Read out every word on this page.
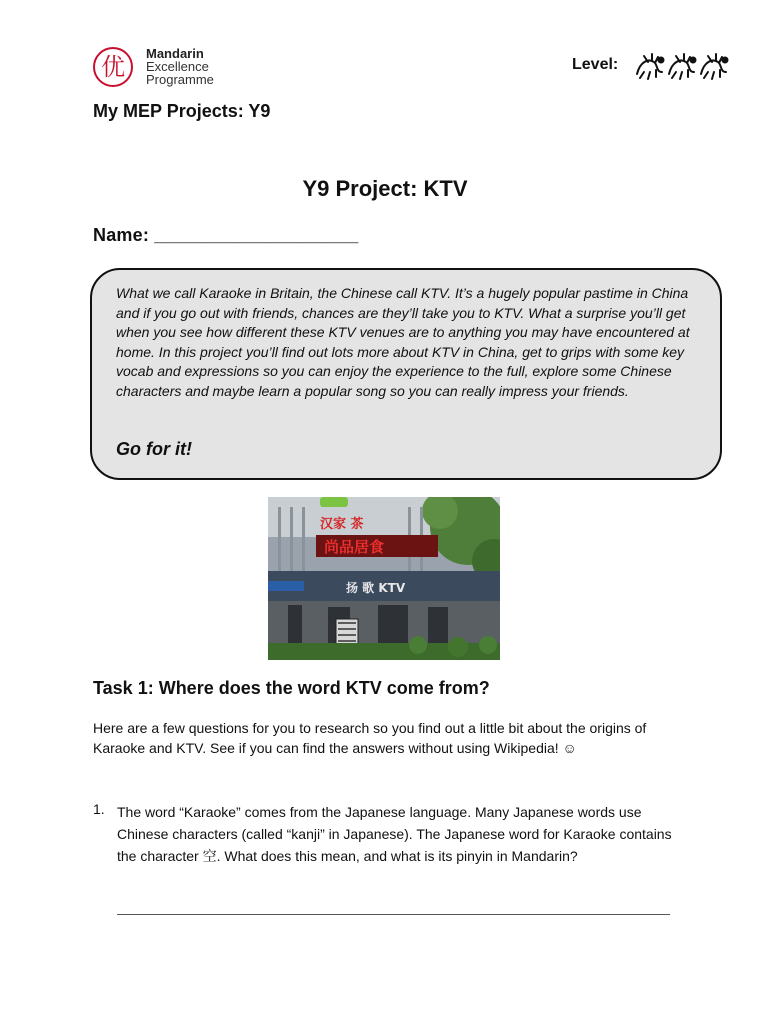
优	Mandarin
Excellence
Programme
Level:
My MEP Projects: Y9
Y9 Project: KTV
Name: ____________________
What we call Karaoke in Britain, the Chinese call KTV. It’s a hugely popular pastime in China and if you go out with friends, chances are they’ll take you to KTV. What a surprise you’ll get when you see how different these KTV venues are to anything you may have encountered at home. In this project you’ll find out lots more about KTV in China, get to grips with some key vocab and expressions so you can enjoy the experience to the full, explore some Chinese characters and maybe learn a popular song so you can really impress your friends.
Go for it!
汉家 茶
尚品居食
扬 歌 KTV
Task 1: Where does the word KTV come from?
Here are a few questions for you to research so you find out a little bit about the origins of Karaoke and KTV. See if you can find the answers without using Wikipedia! ☺
1. The word “Karaoke” comes from the Japanese language. Many Japanese words use Chinese characters (called “kanji” in Japanese). The Japanese word for Karaoke contains the character 空. What does this mean, and what is its pinyin in Mandarin?
